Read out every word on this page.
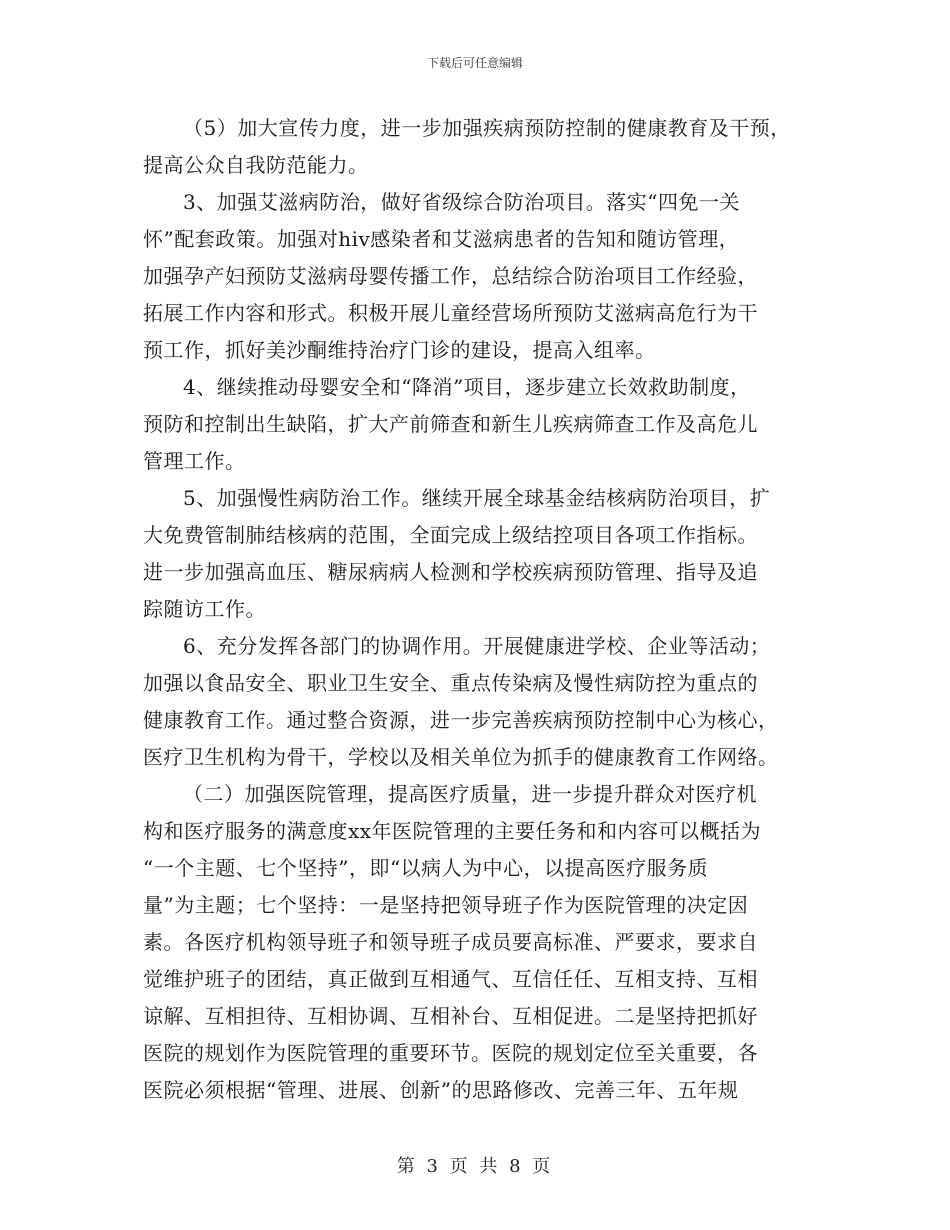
下载后可任意编辑

（5）加大宣传力度，进一步加强疾病预防控制的健康教育及干预，
提高公众自我防范能力。

3、加强艾滋病防治，做好省级综合防治项目。落实“四免一关
怀”配套政策。加强对hiv感染者和艾滋病患者的告知和随访管理，
加强孕产妇预防艾滋病母婴传播工作，总结综合防治项目工作经验，
拓展工作内容和形式。积极开展儿童经营场所预防艾滋病高危行为干
预工作，抓好美沙酮维持治疗门诊的建设，提高入组率。

4、继续推动母婴安全和“降消”项目，逐步建立长效救助制度，
预防和控制出生缺陷，扩大产前筛查和新生儿疾病筛查工作及高危儿
管理工作。

5、加强慢性病防治工作。继续开展全球基金结核病防治项目，扩
大免费管制肺结核病的范围，全面完成上级结控项目各项工作指标。
进一步加强高血压、糖尿病病人检测和学校疾病预防管理、指导及追
踪随访工作。

6、充分发挥各部门的协调作用。开展健康进学校、企业等活动；
加强以食品安全、职业卫生安全、重点传染病及慢性病防控为重点的
健康教育工作。通过整合资源，进一步完善疾病预防控制中心为核心，
医疗卫生机构为骨干，学校以及相关单位为抓手的健康教育工作网络。

（二）加强医院管理，提高医疗质量，进一步提升群众对医疗机
构和医疗服务的满意度xx年医院管理的主要任务和和内容可以概括为
“一个主题、七个坚持”，即“以病人为中心，以提高医疗服务质
量”为主题；七个坚持：一是坚持把领导班子作为医院管理的决定因
素。各医疗机构领导班子和领导班子成员要高标准、严要求，要求自
觉维护班子的团结，真正做到互相通气、互信任任、互相支持、互相
谅解、互相担待、互相协调、互相补台、互相促进。二是坚持把抓好
医院的规划作为医院管理的重要环节。医院的规划定位至关重要，各
医院必须根据“管理、进展、创新”的思路修改、完善三年、五年规

第 3 页 共 8 页
